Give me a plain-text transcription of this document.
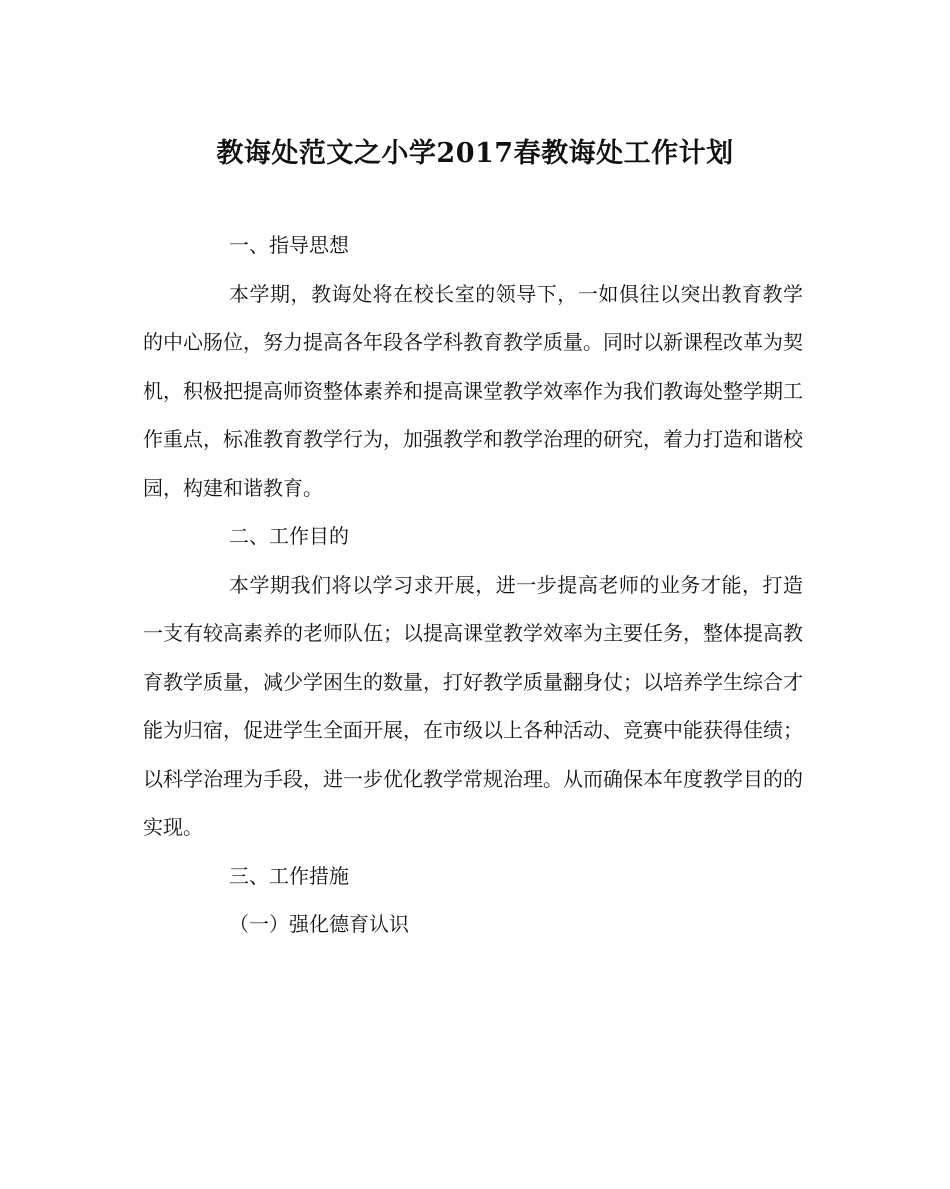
教诲处范文之小学2017春教诲处工作计划

一、指导思想

本学期，教诲处将在校长室的领导下，一如俱往以突出教育教学的中心肠位，努力提高各年段各学科教育教学质量。同时以新课程改革为契机，积极把提高师资整体素养和提高课堂教学效率作为我们教诲处整学期工作重点，标准教育教学行为，加强教学和教学治理的研究，着力打造和谐校园，构建和谐教育。

二、工作目的

本学期我们将以学习求开展，进一步提高老师的业务才能，打造一支有较高素养的老师队伍；以提高课堂教学效率为主要任务，整体提高教育教学质量，减少学困生的数量，打好教学质量翻身仗；以培养学生综合才能为归宿，促进学生全面开展，在市级以上各种活动、竞赛中能获得佳绩；以科学治理为手段，进一步优化教学常规治理。从而确保本年度教学目的的实现。

三、工作措施

（一）强化德育认识
